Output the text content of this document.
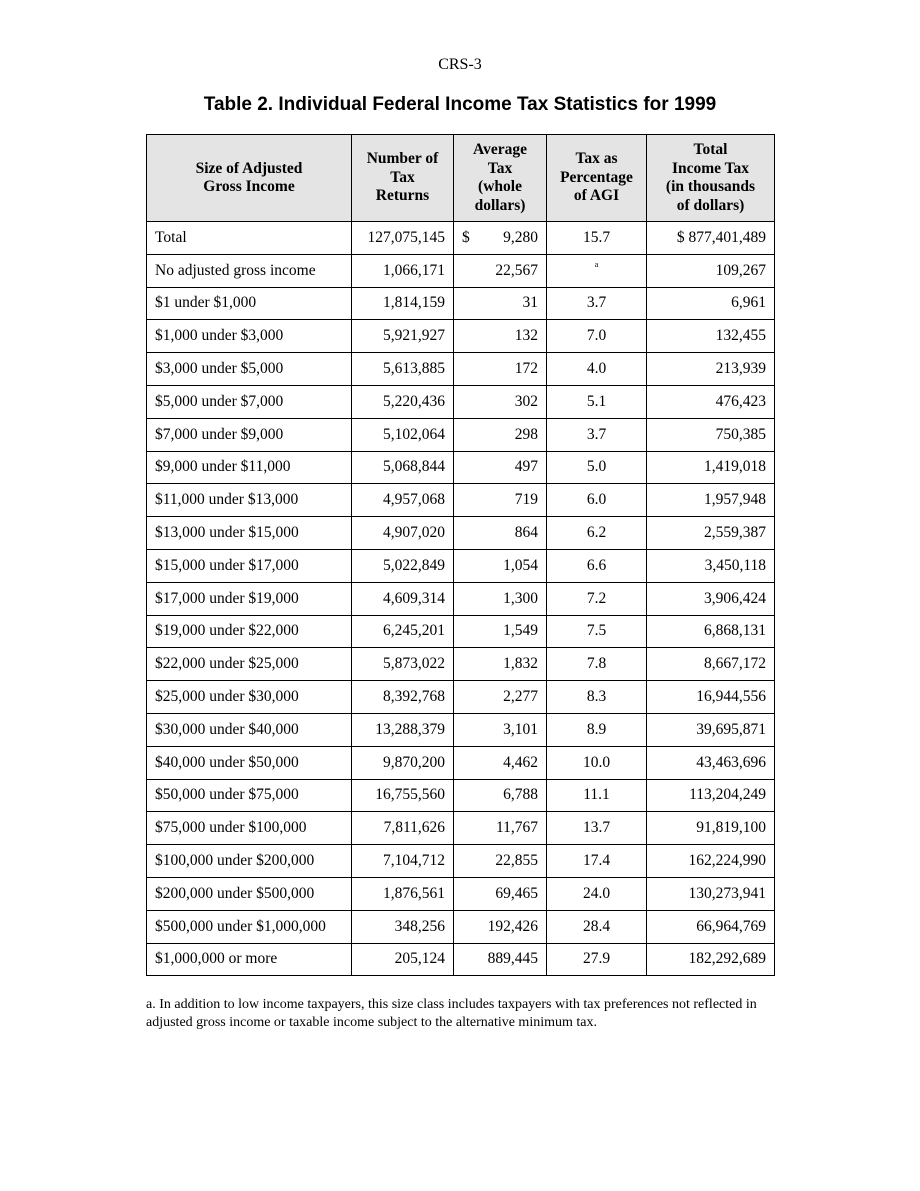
CRS-3
Table 2. Individual Federal Income Tax Statistics for 1999
Size of Adjusted
Gross Income	Number of
Tax
Returns	Average
Tax
(whole
dollars)	Tax as
Percentage
of AGI	Total
Income Tax
(in thousands
of dollars)
Total	127,075,145	$ 9,280	15.7	$ 877,401,489
No adjusted gross income	1,066,171	22,567	$^a$	109,267
$1 under $1,000	1,814,159	31	3.7	6,961
$1,000 under $3,000	5,921,927	132	7.0	132,455
$3,000 under $5,000	5,613,885	172	4.0	213,939
$5,000 under $7,000	5,220,436	302	5.1	476,423
$7,000 under $9,000	5,102,064	298	3.7	750,385
$9,000 under $11,000	5,068,844	497	5.0	1,419,018
$11,000 under $13,000	4,957,068	719	6.0	1,957,948
$13,000 under $15,000	4,907,020	864	6.2	2,559,387
$15,000 under $17,000	5,022,849	1,054	6.6	3,450,118
$17,000 under $19,000	4,609,314	1,300	7.2	3,906,424
$19,000 under $22,000	6,245,201	1,549	7.5	6,868,131
$22,000 under $25,000	5,873,022	1,832	7.8	8,667,172
$25,000 under $30,000	8,392,768	2,277	8.3	16,944,556
$30,000 under $40,000	13,288,379	3,101	8.9	39,695,871
$40,000 under $50,000	9,870,200	4,462	10.0	43,463,696
$50,000 under $75,000	16,755,560	6,788	11.1	113,204,249
$75,000 under $100,000	7,811,626	11,767	13.7	91,819,100
$100,000 under $200,000	7,104,712	22,855	17.4	162,224,990
$200,000 under $500,000	1,876,561	69,465	24.0	130,273,941
$500,000 under $1,000,000	348,256	192,426	28.4	66,964,769
$1,000,000 or more	205,124	889,445	27.9	182,292,689
a. In addition to low income taxpayers, this size class includes taxpayers with tax preferences not reflected in adjusted gross income or taxable income subject to the alternative minimum tax.
